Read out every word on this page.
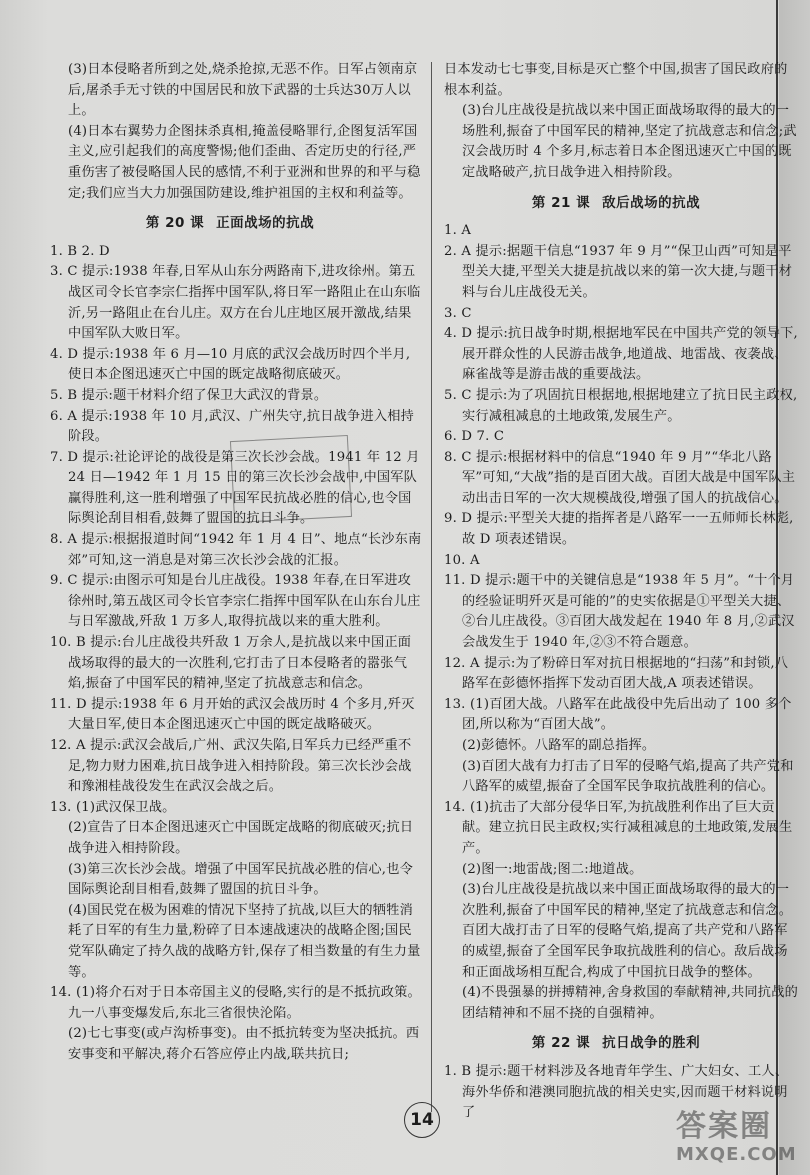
(3)日本侵略者所到之处,烧杀抢掠,无恶不作。日军占领南京后,屠杀手无寸铁的中国居民和放下武器的士兵达30万人以上。

(4)日本右翼势力企图抹杀真相,掩盖侵略罪行,企图复活军国主义,应引起我们的高度警惕;他们歪曲、否定历史的行径,严重伤害了被侵略国人民的感情,不利于亚洲和世界的和平与稳定;我们应当大力加强国防建设,维护祖国的主权和利益等。

第 20 课 正面战场的抗战

1. B 2. D

3. C 提示:1938 年春,日军从山东分两路南下,进攻徐州。第五战区司令长官李宗仁指挥中国军队,将日军一路阻止在山东临沂,另一路阻止在台儿庄。双方在台儿庄地区展开激战,结果中国军队大败日军。

4. D 提示:1938 年 6 月—10 月底的武汉会战历时四个半月,使日本企图迅速灭亡中国的既定战略彻底破灭。

5. B 提示:题干材料介绍了保卫大武汉的背景。

6. A 提示:1938 年 10 月,武汉、广州失守,抗日战争进入相持阶段。

7. D 提示:社论评论的战役是第三次长沙会战。1941 年 12 月 24 日—1942 年 1 月 15 日的第三次长沙会战中,中国军队赢得胜利,这一胜利增强了中国军民抗战必胜的信心,也令国际舆论刮目相看,鼓舞了盟国的抗日斗争。

8. A 提示:根据报道时间“1942 年 1 月 4 日”、地点“长沙东南郊”可知,这一消息是对第三次长沙会战的汇报。

9. C 提示:由图示可知是台儿庄战役。1938 年春,在日军进攻徐州时,第五战区司令长官李宗仁指挥中国军队在山东台儿庄与日军激战,歼敌 1 万多人,取得抗战以来的重大胜利。

10. B 提示:台儿庄战役共歼敌 1 万余人,是抗战以来中国正面战场取得的最大的一次胜利,它打击了日本侵略者的嚣张气焰,振奋了中国军民的精神,坚定了抗战意志和信念。

11. D 提示:1938 年 6 月开始的武汉会战历时 4 个多月,歼灭大量日军,使日本企图迅速灭亡中国的既定战略破灭。

12. A 提示:武汉会战后,广州、武汉失陷,日军兵力已经严重不足,物力财力困难,抗日战争进入相持阶段。第三次长沙会战和豫湘桂战役发生在武汉会战之后。

13. (1)武汉保卫战。

(2)宣告了日本企图迅速灭亡中国既定战略的彻底破灭;抗日战争进入相持阶段。

(3)第三次长沙会战。增强了中国军民抗战必胜的信心,也令国际舆论刮目相看,鼓舞了盟国的抗日斗争。

(4)国民党在极为困难的情况下坚持了抗战,以巨大的牺牲消耗了日军的有生力量,粉碎了日本速战速决的战略企图;国民党军队确定了持久战的战略方针,保存了相当数量的有生力量等。

14. (1)将介石对于日本帝国主义的侵略,实行的是不抵抗政策。九一八事变爆发后,东北三省很快沦陷。

(2)七七事变(或卢沟桥事变)。由不抵抗转变为坚决抵抗。西安事变和平解决,蒋介石答应停止内战,联共抗日;

日本发动七七事变,目标是灭亡整个中国,损害了国民政府的根本利益。

(3)台儿庄战役是抗战以来中国正面战场取得的最大的一场胜利,振奋了中国军民的精神,坚定了抗战意志和信念;武汉会战历时 4 个多月,标志着日本企图迅速灭亡中国的既定战略破产,抗日战争进入相持阶段。

第 21 课 敌后战场的抗战

1. A

2. A 提示:据题干信息“1937 年 9 月”“保卫山西”可知是平型关大捷,平型关大捷是抗战以来的第一次大捷,与题干材料与台儿庄战役无关。

3. C

4. D 提示:抗日战争时期,根据地军民在中国共产党的领导下,展开群众性的人民游击战争,地道战、地雷战、夜袭战、麻雀战等是游击战的重要战法。

5. C 提示:为了巩固抗日根据地,根据地建立了抗日民主政权,实行减租减息的土地政策,发展生产。

6. D 7. C

8. C 提示:根据材料中的信息“1940 年 9 月”“华北八路军”可知,“大战”指的是百团大战。百团大战是中国军队主动出击日军的一次大规模战役,增强了国人的抗战信心。

9. D 提示:平型关大捷的指挥者是八路军一一五师师长林彪,故 D 项表述错误。

10. A

11. D 提示:题干中的关键信息是“1938 年 5 月”。“十个月的经验证明歼灭是可能的”的史实依据是①平型关大捷、②台儿庄战役。③百团大战发起在 1940 年 8 月,②武汉会战发生于 1940 年,②③不符合题意。

12. A 提示:为了粉碎日军对抗日根据地的“扫荡”和封锁,八路军在彭德怀指挥下发动百团大战,A 项表述错误。

13. (1)百团大战。八路军在此战役中先后出动了 100 多个团,所以称为“百团大战”。

(2)彭德怀。八路军的副总指挥。

(3)百团大战有力打击了日军的侵略气焰,提高了共产党和八路军的威望,振奋了全国军民争取抗战胜利的信心。

14. (1)抗击了大部分侵华日军,为抗战胜利作出了巨大贡献。建立抗日民主政权;实行减租减息的土地政策,发展生产。

(2)图一:地雷战;图二:地道战。

(3)台儿庄战役是抗战以来中国正面战场取得的最大的一次胜利,振奋了中国军民的精神,坚定了抗战意志和信念。百团大战打击了日军的侵略气焰,提高了共产党和八路军的威望,振奋了全国军民争取抗战胜利的信心。敌后战场和正面战场相互配合,构成了中国抗日战争的整体。

(4)不畏强暴的拼搏精神,舍身救国的奉献精神,共同抗战的团结精神和不屈不挠的自强精神。

第 22 课 抗日战争的胜利

1. B 提示:题干材料涉及各地青年学生、广大妇女、工人、海外华侨和港澳同胞抗战的相关史实,因而题干材料说明了

14	答案圈
MXQE.COM
